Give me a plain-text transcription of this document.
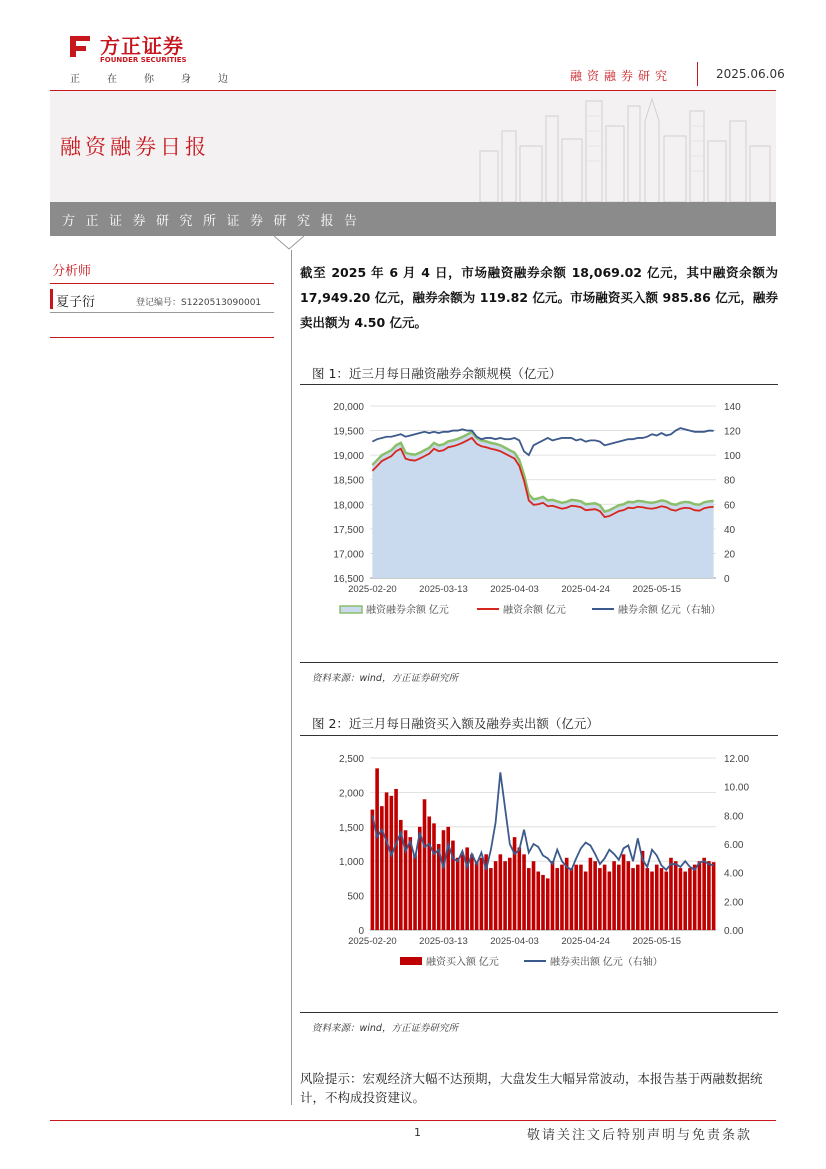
方正证券
FOUNDER SECURITIES
正在你身边	融资融券研究	2025.06.06
融资融券日报
方正证券研究所证券研究报告
分析师
夏子衍	登记编号：S1220513090001
截至 2025 年 6 月 4 日，市场融资融券余额 18,069.02 亿元，其中融资余额为 17,949.20 亿元，融券余额为 119.82 亿元。市场融资买入额 985.86 亿元，融券卖出额为 4.50 亿元。
图 1：近三月每日融资融券余额规模（亿元）
16,500
17,000
17,500
18,000
18,500
19,000
19,500
20,000
0
20
40
60
80
100
120
140
2025-02-20 2025-03-13 2025-04-03 2025-04-24 2025-05-15
融资融券余额 亿元	融资余额 亿元	融券余额 亿元（右轴）
资料来源：wind，方正证券研究所
图 2：近三月每日融资买入额及融券卖出额（亿元）
0
500
1,000
1,500
2,000
2,500
0.00
2.00
4.00
6.00
8.00
10.00
12.00
2025-02-20 2025-03-13 2025-04-03 2025-04-24 2025-05-15
融资买入额 亿元	融券卖出额 亿元（右轴）
资料来源：wind，方正证券研究所
风险提示：宏观经济大幅不达预期，大盘发生大幅异常波动，本报告基于两融数据统计，不构成投资建议。
1	敬请关注文后特别声明与免责条款
